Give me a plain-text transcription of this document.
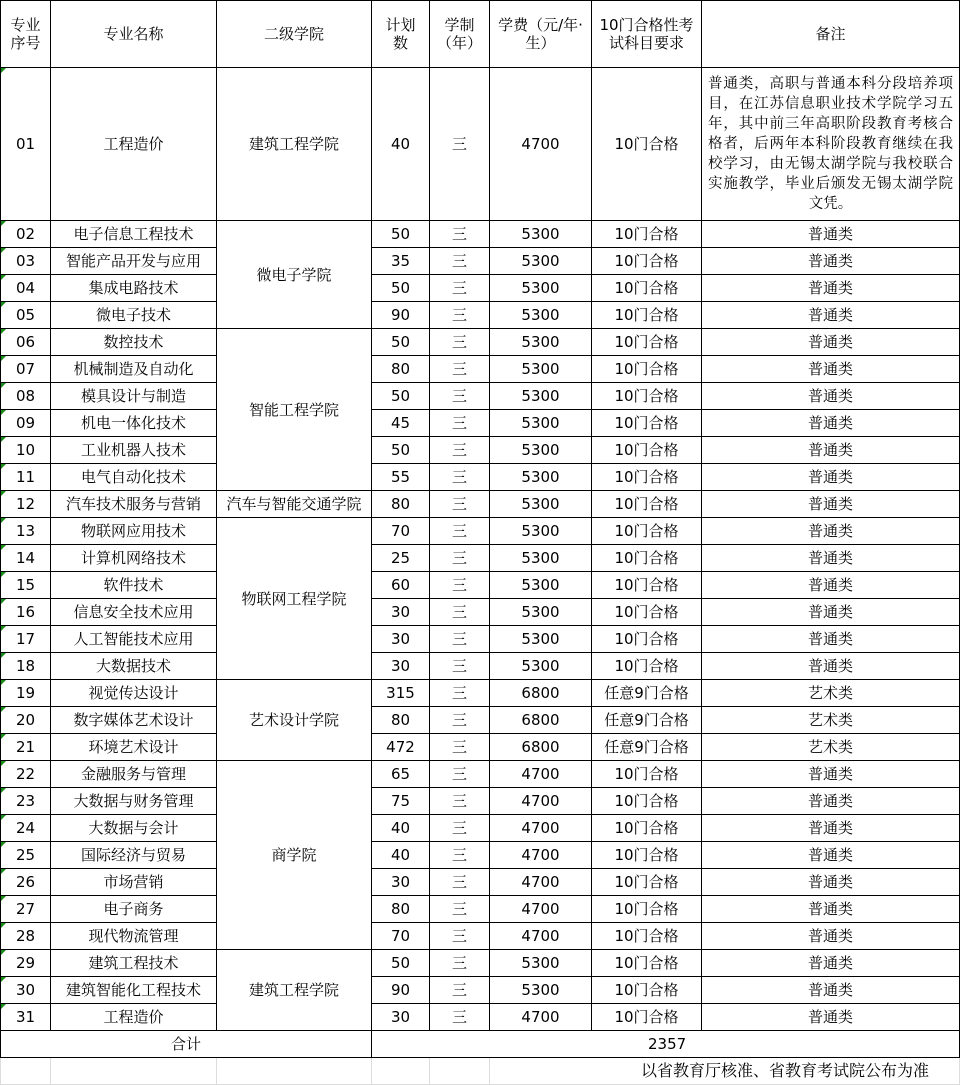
专业序号	专业名称	二级学院	计划数	学制（年）	学费（元/年·生）	10门合格性考试科目要求	备注
01	工程造价	建筑工程学院	40	三	4700	10门合格	普通类，高职与普通本科分段培养项目，在江苏信息职业技术学院学习五年，其中前三年高职阶段教育考核合格者，后两年本科阶段教育继续在我校学习，由无锡太湖学院与我校联合实施教学，毕业后颁发无锡太湖学院文凭。
02	电子信息工程技术	微电子学院	50	三	5300	10门合格	普通类
03	智能产品开发与应用		35	三	5300	10门合格	普通类
04	集成电路技术		50	三	5300	10门合格	普通类
05	微电子技术		90	三	5300	10门合格	普通类
06	数控技术	智能工程学院	50	三	5300	10门合格	普通类
07	机械制造及自动化		80	三	5300	10门合格	普通类
08	模具设计与制造		50	三	5300	10门合格	普通类
09	机电一体化技术		45	三	5300	10门合格	普通类
10	工业机器人技术		50	三	5300	10门合格	普通类
11	电气自动化技术		55	三	5300	10门合格	普通类
12	汽车技术服务与营销	汽车与智能交通学院	80	三	5300	10门合格	普通类
13	物联网应用技术	物联网工程学院	70	三	5300	10门合格	普通类
14	计算机网络技术		25	三	5300	10门合格	普通类
15	软件技术		60	三	5300	10门合格	普通类
16	信息安全技术应用		30	三	5300	10门合格	普通类
17	人工智能技术应用		30	三	5300	10门合格	普通类
18	大数据技术		30	三	5300	10门合格	普通类
19	视觉传达设计	艺术设计学院	315	三	6800	任意9门合格	艺术类
20	数字媒体艺术设计		80	三	6800	任意9门合格	艺术类
21	环境艺术设计		472	三	6800	任意9门合格	艺术类
22	金融服务与管理	商学院	65	三	4700	10门合格	普通类
23	大数据与财务管理		75	三	4700	10门合格	普通类
24	大数据与会计		40	三	4700	10门合格	普通类
25	国际经济与贸易		40	三	4700	10门合格	普通类
26	市场营销		30	三	4700	10门合格	普通类
27	电子商务		80	三	4700	10门合格	普通类
28	现代物流管理		70	三	4700	10门合格	普通类
29	建筑工程技术	建筑工程学院	50	三	5300	10门合格	普通类
30	建筑智能化工程技术		90	三	5300	10门合格	普通类
31	工程造价		30	三	4700	10门合格	普通类
合计			2357				
					以省教育厅核准、省教育考试院公布为准		
